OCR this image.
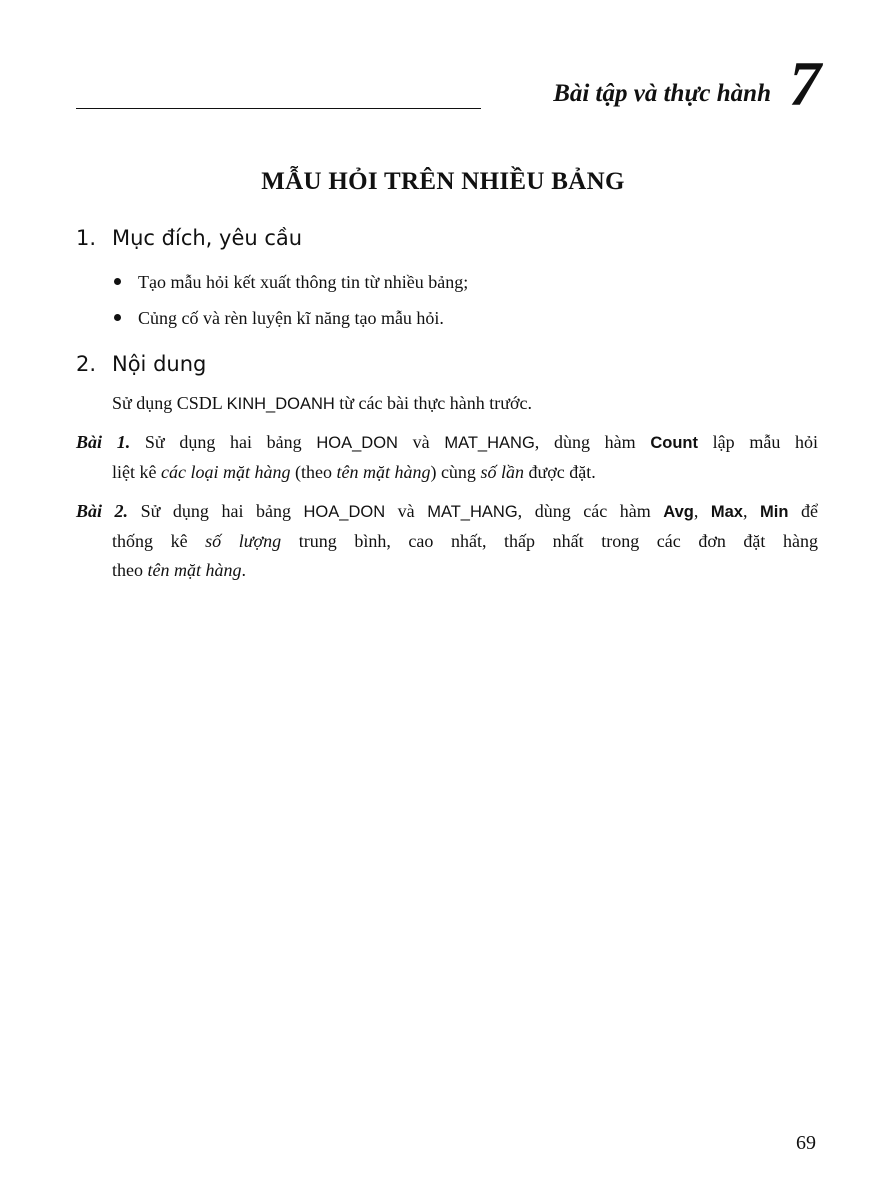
Bài tập và thực hành 7
MẪU HỎI TRÊN NHIỀU BẢNG
1. Mục đích, yêu cầu
Tạo mẫu hỏi kết xuất thông tin từ nhiều bảng;
Củng cố và rèn luyện kĩ năng tạo mẫu hỏi.
2. Nội dung
Sử dụng CSDL KINH_DOANH từ các bài thực hành trước.
Bài 1. Sử dụng hai bảng HOA_DON và MAT_HANG, dùng hàm Count lập mẫu hỏi
liệt kê các loại mặt hàng (theo tên mặt hàng) cùng số lần được đặt.
Bài 2. Sử dụng hai bảng HOA_DON và MAT_HANG, dùng các hàm Avg, Max, Min để
thống kê số lượng trung bình, cao nhất, thấp nhất trong các đơn đặt hàng
theo tên mặt hàng.
69
